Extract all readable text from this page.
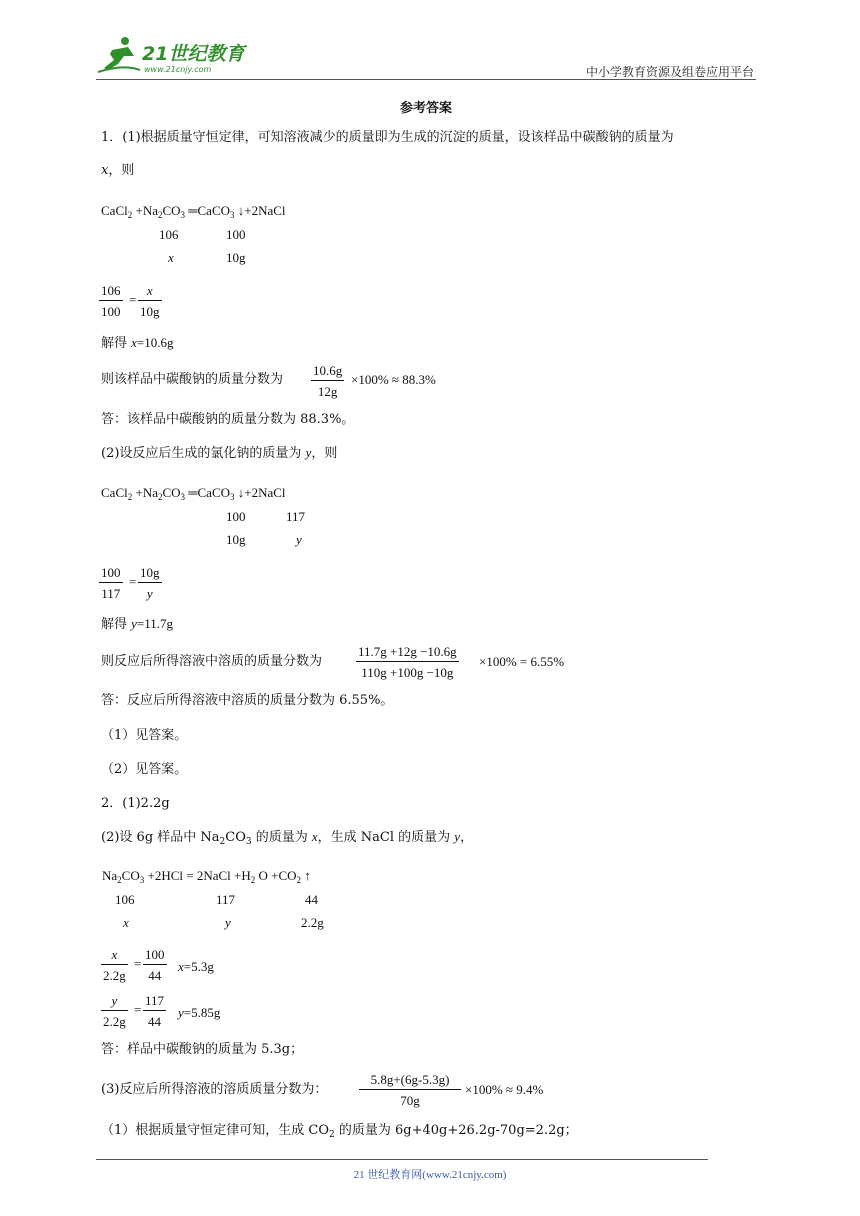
21世纪教育
www.21cnjy.com	中小学教育资源及组卷应用平台
参考答案
1．(1)根据质量守恒定律，可知溶液减少的质量即为生成的沉淀的质量，设该样品中碳酸钠的质量为
x，则
CaCl$_2$ $+Na_2CO_3$ ═CaCO$_3$ ↓+2NaCl
106	100
x	10g
$\frac{106}{100} = \frac{x}{10g}$
解得 x=10.6g
则该样品中碳酸钠的质量分数为 $\frac{10.6g}{12g} \times 100\% \approx 88.3\%$
答：该样品中碳酸钠的质量分数为 88.3%。
(2)设反应后生成的氯化钠的质量为 y，则
CaCl$_2$ $+Na_2CO_3$ ═CaCO$_3$ ↓+2NaCl
100	117
10g	y
$\frac{100}{117} = \frac{10g}{y}$
解得 y=11.7g
则反应后所得溶液中溶质的质量分数为	$\frac{11.7g +12g -10.6g}{110g +100g -10g} \times 100\% = 6.55\%$
答：反应后所得溶液中溶质的质量分数为 6.55%。
（1）见答案。
（2）见答案。
2．(1)2.2g
(2)设 6g 样品中 $Na_2CO_3$ 的质量为 x，生成 NaCl 的质量为 y，
$Na_2CO_3 +2HCl$ = 2NaCl $+H_2$ $O +CO_2$ ↑
106	117	44
x	y	2.2g
$\frac{x}{2.2g} = \frac{100}{44} x=5.3g$
$\frac{y}{2.2g} = \frac{117}{44} y=5.85g$
答：样品中碳酸钠的质量为 5.3g；
(3)反应后所得溶液的溶质质量分数为： $\frac{5.8g+(6g-5.3g)}{70g} \times 100\% \approx 9.4\%$
（1）根据质量守恒定律可知，生成 $CO_2$ 的质量为 6g+40g+26.2g-70g=2.2g；
21 世纪教育网(www.21cnjy.com)
